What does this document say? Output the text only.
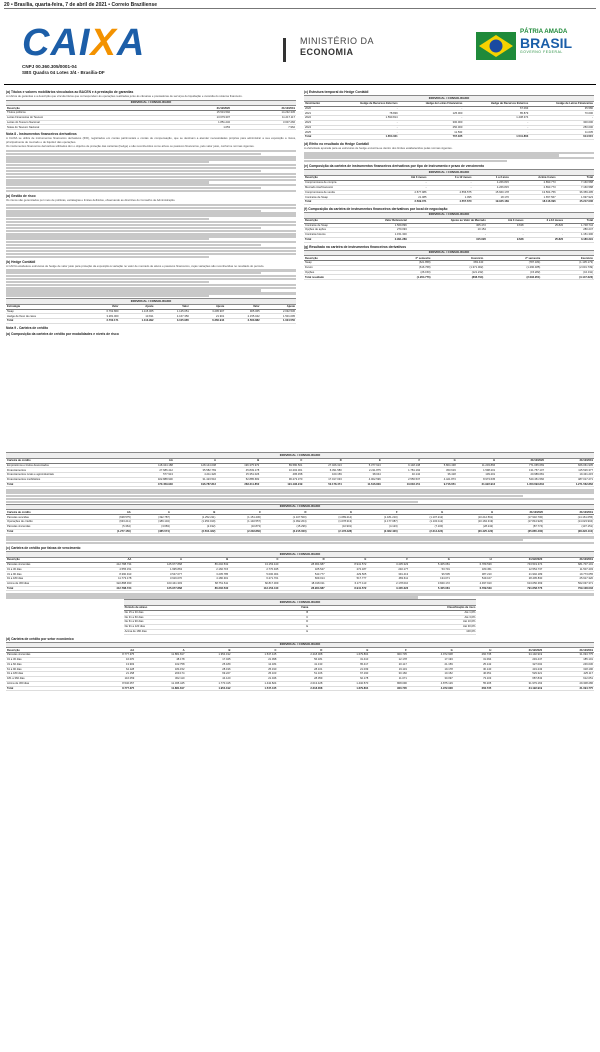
20 • Brasília, quarta-feira, 7 de abril de 2021 • Correio Braziliense
CAIXA
CNPJ 00.360.305/0001-04
SBS Quadra 04 Lotes 3/4 - Brasília-DF
MINISTÉRIO DA
ECONOMIA
PÁTRIA AMADA
BRASIL
GOVERNO FEDERAL
(a) Títulos e valores mobiliários vinculados ao BACEN e à prestação de garantias
A rubrica de garantias é a descrição que vincula títulos que correspondem às operações realizadas junto às câmaras e prestadoras de serviços de liquidação e custódia do sistema financeiro.
INDIVIDUAL / CONSOLIDADO
Descrição	31/12/2020	31/12/2019
Títulos públicos	15.531.592	14.232.345
Letras Financeiras do Tesouro	13.679.307	11.217.117
Letras do Tesouro Nacional	1.851.232	3.007.266
Notas do Tesouro Nacional	1.053	7.962
Nota 8 - Instrumentos financeiros derivativos
A CAIXA se utiliza de instrumentos financeiros derivativos (IFD), registrados em contas patrimoniais e contas de compensação, que se destinam a atender necessidades próprias para administrar a sua exposição a riscos, principalmente de mercado e de liquidez das operações.
Os instrumentos financeiros derivativos utilizados têm o objetivo de proteção das carteiras (hedge) e são reconhecidos como ativos ou passivos financeiros, pelo valor justo, conforme normas vigentes.
(a) Gestão de risco
Os riscos são gerenciados por meio de políticas, estratégias e limites definidos, observando as diretrizes do Conselho de Administração.
(b) Hedge Contábil
A CAIXA estabelece estruturas de hedge de valor justo para proteção da exposição à variação no valor de mercado de ativos e passivos financeiros, cujas variações são reconhecidas no resultado do período.
INDIVIDUAL / CONSOLIDADO
Estratégia	Valor	Ajuste	Valor	Ajuste	Valor	Ajuste
Swap	6.762.860	1.115.065	1.125.051	3.295.907	905.065	2.032.536
Hedge de fluxo de caixa	3.281.000	13.811	4.167.350	21.901	2.155.042	1.501.095
Total	2.702.171	1.113.992	3.105.965	6.360.944	2.563.882	1.024.550
Nota 9 - Carteira de crédito
(a) Composição da carteira de crédito por modalidades e níveis de risco
(c) Estrutura temporal do Hedge Contábil
INDIVIDUAL / CONSOLIDADO
Vencimento	Hedge de Recursos Externos	Hedge de Letras Financeiras	Hedge de Recursos Externos	Hedge de Letras Financeiras
2020	-	-	67.093	35.580
2021	78.839	125.000	85.879	70.000
2022	1.590.814	-	1.438.374	-
2023	-	300.000	-	300.000
2024	-	250.000	-	250.000
2025	-	11.530	-	11.035
Total	1.654.021	767.035	1.541.863	614.515
(d) Efeito no resultado do Hedge Contábil
A efetividade apurada para as estruturas de hedge encontra-se dentro dos limites estabelecidos pelas normas vigentes.
(e) Composição da carteira de instrumentos financeiros derivativos por tipo de instrumento e prazo de vencimento
INDIVIDUAL / CONSOLIDADO
Descrição	Até 3 meses	3 a 12 meses	1 a 3 anos	Acima 3 anos	Total
Compromissos de compra	-	-	4.266.815	2.893.773	7.160.588
Mercado interfinanceiro	-	-	4.266.815	2.893.773	7.160.588
Compromissos de venda	2.577.986	4.556.575	15.660.178	13.564.756	36.359.495
Contratos de Swap	21.085	1.095	18.176	1.657.567	1.697.923
Total	2.599.071	4.557.670	19.945.169	18.116.096	45.217.006
(f) Composição da carteira de instrumentos financeiros derivativos por local de negociação
INDIVIDUAL / CONSOLIDADO
Descrição	Valor Referencial	Ajuste ao Valor de Mercado	Até 3 meses	3 a 12 meses	Total
Contratos de Swap	1.569.896	305.472	9.638	25.820	1.748.744
Opções de ações	270.093	10.154	-	-	280.247
Contratos futuros	1.151.300	-	-	-	1.151.300
Total	2.991.289	315.626	9.638	25.820	3.180.291
(g) Resultado na carteira de instrumentos financeiros derivativos
INDIVIDUAL / CONSOLIDADO
Descrição	2º semestre	Exercício	2º semestre	Exercício
Swap	(621.858)	683.440	(787.184)	(1.135.173)
Futuro	(616.768)	(1.371.002)	(1.290.485)	(2.001.739)
Opções	(26.150)	(121.232)	(15.282)	(10.311)
Total resultado	(1.264.776)	(808.794)	(2.092.951)	(3.147.223)
INDIVIDUAL / CONSOLIDADO
Carteira de crédito	AA	A	B	C	D	E	F	G	H	31/12/2020	31/12/2019
Empréstimos e títulos descontados	118.344.188	128.144.008	196.375.973	89.580.501	27.026.313	5.377.913	9.148.138	5.804.438	11.203.866	771.065.669	666.061.905
Financiamentos	27.686.412	35.582.769	45.849.178	10.202.301	6.391.580	2.211.875	1.781.192	453.619	1.598.201	131.757.107	115.526.377
Financiamentos rurais e agroindustriais	577.913	4.211.320	15.351.026	495.458	100.159	38.044	40.142	36.418	139.201	20.989.681	19.431.215
Financiamentos imobiliários	322.888.930	31.423.510	52.885.682	96.273.370	17.017.033	4.002.596	2.556.537	4.421.873	8.973.635	540.451.566	487.017.271
Total	470.459.903	196.787.812	283.211.852	191.196.249	52.178.474	11.616.829	13.603.151	9.716.651	21.922.912	1.450.693.834	1.271.562.862
INDIVIDUAL / CONSOLIDADO
Carteira de crédito	AA	A	B	C	D	E	F	G	H	31/12/2020	31/12/2019
Parcelas vencidas	(638.575)	(192.787)	(1.252.211)	(1.151.430)	(1.107.500)	(1.089.214)	(1.181.210)	(1.107.212)	(10.212.561)	(17.932.700)	(14.161.055)
Operações de crédito	(633.211)	(189.104)	(1.250.019)	(1.140.557)	(1.092.204)	(1.078.313)	(1.177.087)	(1.100.112)	(10.184.319)	(17.844.926)	(14.023.904)
Parcelas vincendas	(5.364)	(3.683)	(2.192)	(10.873)	(15.296)	(10.901)	(4.123)	(7.100)	(28.242)	(87.774)	(137.151)
Total	(1.277.150)	(385.574)	(2.504.422)	(2.302.860)	(2.215.000)	(2.178.428)	(2.362.420)	(2.214.424)	(20.425.122)	(35.865.400)	(28.322.110)
(c) Carteira de crédito por faixas de vencimento
INDIVIDUAL / CONSOLIDADO
Descrição	AA	A	B	C	D	E	F	G	H	31/12/2020	31/12/2019
Parcelas vincendas	412.788.734	125.977.868	86.202.532	13.153.440	28.964.687	8.941.572	3.435.323	5.405.081	6.789.539	743.519.374	681.707.101
01 a 30 dias	4.555.151	1.995.863	2.160.715	2.770.945	325.547	272.187	240.177	53.701	180.451	12.554.737	11.507.403
31 a 90 dias	8.390.913	3.547.077	3.205.785	5.000.004	543.777	429.505	391.413	96.505	387.210	21.992.189	19.773.055
91 a 180 dias	11.773.178	3.916.070	4.180.301	6.271.701	669.014	517.777	483.611	134.071	549.107	28.495.830	25.917.320
Acima de 360 dias	322.888.930	103.441.303	68.751.611	82.817.309	18.018.011	6.177.113	2.178.010	3.840.172	4.937.910	613.050.369	562.037.371
Total	412.788.734	125.977.868	86.202.532	113.153.440	28.964.687	8.941.572	3.435.323	5.405.081	6.789.539	791.658.776	709.108.003
INDIVIDUAL / CONSOLIDADO
Período de atraso	Faixa	Classificação de risco
De 15 a 30 dias	B	Até 1,0%
De 31 a 60 dias	C	Até 3,0%
De 61 a 90 dias	D	Até 10,0%
De 91 a 120 dias	E	Até 30,0%
Acima de 180 dias	H	100,0%
(d) Carteira de crédito por setor econômico
INDIVIDUAL / CONSOLIDADO
Descrição	AA	A	B	C	D	E	F	G	H	31/12/2020	31/12/2019
Parcelas vincendas	8.777.375	11.881.817	1.954.192	1.547.445	2.218.008	1.679.804	900.735	4.972.908	260.735	34.192.919	31.094.775
01 a 30 dias	16.070	48.178	17.045	21.098	56.181	31.410	12.178	17.193	31.094	249.447	185.101
31 a 60 dias	13.903	102.758	25.189	12.184	41.133	65.417	20.117	21.159	25.142	327.002	246.030
61 a 90 dias	64.128	184.152	28.196	25.190	28.101	21.039	19.119	19.178	30.140	419.243	318.190
91 a 180 dias	21.158	209.174	69.227	25.103	51.106	67.190	30.160	10.152	46.051	529.321	425.117
181 a 360 dias	116.059	302.110	44.120	21.046	28.059	62.178	11.071	30.097	73.103	687.843	612.051
Acima de 360 dias	8.546.057	11.035.445	1.770.415	1.442.824	2.013.428	1.432.570	808.090	4.875.129	55.205	31.979.163	29.308.286
Total	8.777.375	11.881.817	1.954.192	1.547.445	2.218.008	1.679.804	900.735	4.972.908	260.735	34.192.919	31.094.775
